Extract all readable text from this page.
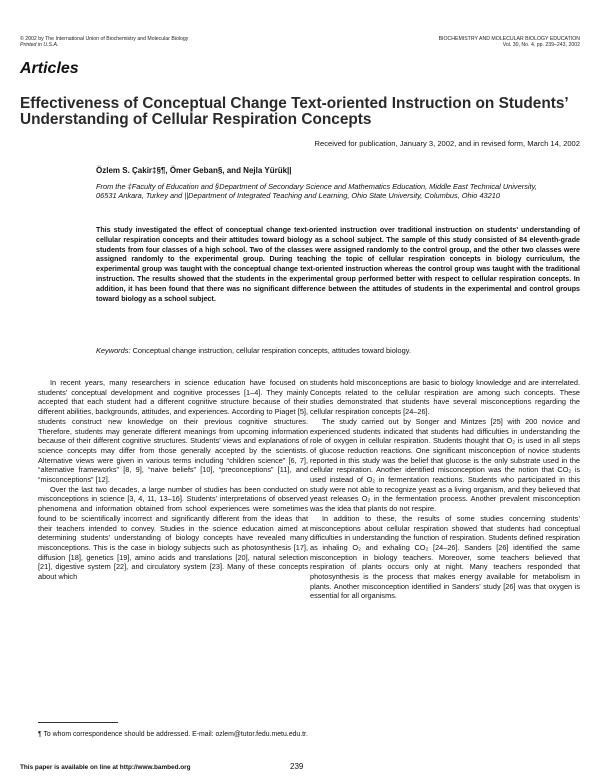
© 2002 by The International Union of Biochemistry and Molecular Biology
Printed in U.S.A.
BIOCHEMISTRY AND MOLECULAR BIOLOGY EDUCATION
Vol. 30, No. 4, pp. 239–243, 2002
Articles
Effectiveness of Conceptual Change Text-oriented Instruction on Students’ Understanding of Cellular Respiration Concepts
Received for publication, January 3, 2002, and in revised form, March 14, 2002
Özlem S. Çakir‡§¶, Ömer Geban§, and Nejla Yürük||
From the ‡Faculty of Education and §Department of Secondary Science and Mathematics Education, Middle East Technical University, 06531 Ankara, Turkey and ||Department of Integrated Teaching and Learning, Ohio State University, Columbus, Ohio 43210
This study investigated the effect of conceptual change text-oriented instruction over traditional instruction on students’ understanding of cellular respiration concepts and their attitudes toward biology as a school subject. The sample of this study consisted of 84 eleventh-grade students from four classes of a high school. Two of the classes were assigned randomly to the control group, and the other two classes were assigned randomly to the experimental group. During teaching the topic of cellular respiration concepts in biology curriculum, the experimental group was taught with the conceptual change text-oriented instruction whereas the control group was taught with the traditional instruction. The results showed that the students in the experimental group performed better with respect to cellular respiration concepts. In addition, it has been found that there was no significant difference between the attitudes of students in the experimental and control groups toward biology as a school subject.
Keywords: Conceptual change instruction, cellular respiration concepts, attitudes toward biology.

In recent years, many researchers in science education have focused on students’ conceptual development and cognitive processes [1–4]. They mainly accepted that each student had a different cognitive structure because of their different abilities, backgrounds, attitudes, and experiences. According to Piaget [5], students construct new knowledge on their previous cognitive structures. Therefore, students may generate different meanings from upcoming information because of their different cognitive structures. Students’ views and explanations of science concepts may differ from those generally accepted by the scientists. Alternative views were given in various terms including “children science” [6, 7], “alternative frameworks” [8, 9], “naive beliefs” [10], “preconceptions” [11], and “misconceptions” [12].

Over the last two decades, a large number of studies has been conducted on misconceptions in science [3, 4, 11, 13–16]. Students’ interpretations of observed phenomena and information obtained from school experiences were sometimes found to be scientifically incorrect and significantly different from the ideas that their teachers intended to convey. Studies in the science education aimed at determining students’ understanding of biology concepts have revealed many misconceptions. This is the case in biology subjects such as photosynthesis [17], diffusion [18], genetics [19], amino acids and translations [20], natural selection [21], digestive system [22], and circulatory system [23]. Many of these concepts about which

students hold misconceptions are basic to biology knowledge and are interrelated. Concepts related to the cellular respiration are among such concepts. These studies demonstrated that students have several misconceptions regarding the cellular respiration concepts [24–26].

The study carried out by Songer and Mintzes [25] with 200 novice and experienced students indicated that students had difficulties in understanding the role of oxygen in cellular respiration. Students thought that O₂ is used in all steps of glucose reduction reactions. One significant misconception of novice students reported in this study was the belief that glucose is the only substrate used in the cellular respiration. Another identified misconception was the notion that CO₂ is used instead of O₂ in fermentation reactions. Students who participated in this study were not able to recognize yeast as a living organism, and they believed that yeast releases O₂ in the fermentation process. Another prevalent misconception was the idea that plants do not respire.

In addition to these, the results of some studies concerning students’ misconceptions about cellular respiration showed that students had conceptual difficulties in understanding the function of respiration. Students defined respiration as inhaling O₂ and exhaling CO₂ [24–26]. Sanders [26] identified the same misconception in biology teachers. Moreover, some teachers believed that respiration of plants occurs only at night. Many teachers responded that photosynthesis is the process that makes energy available for metabolism in plants. Another misconception identified in Sanders’ study [26] was that oxygen is essential for all organisms.

¶ To whom correspondence should be addressed. E-mail: ozlem@tutor.fedu.metu.edu.tr.
This paper is available on line at http://www.bambed.org	239
